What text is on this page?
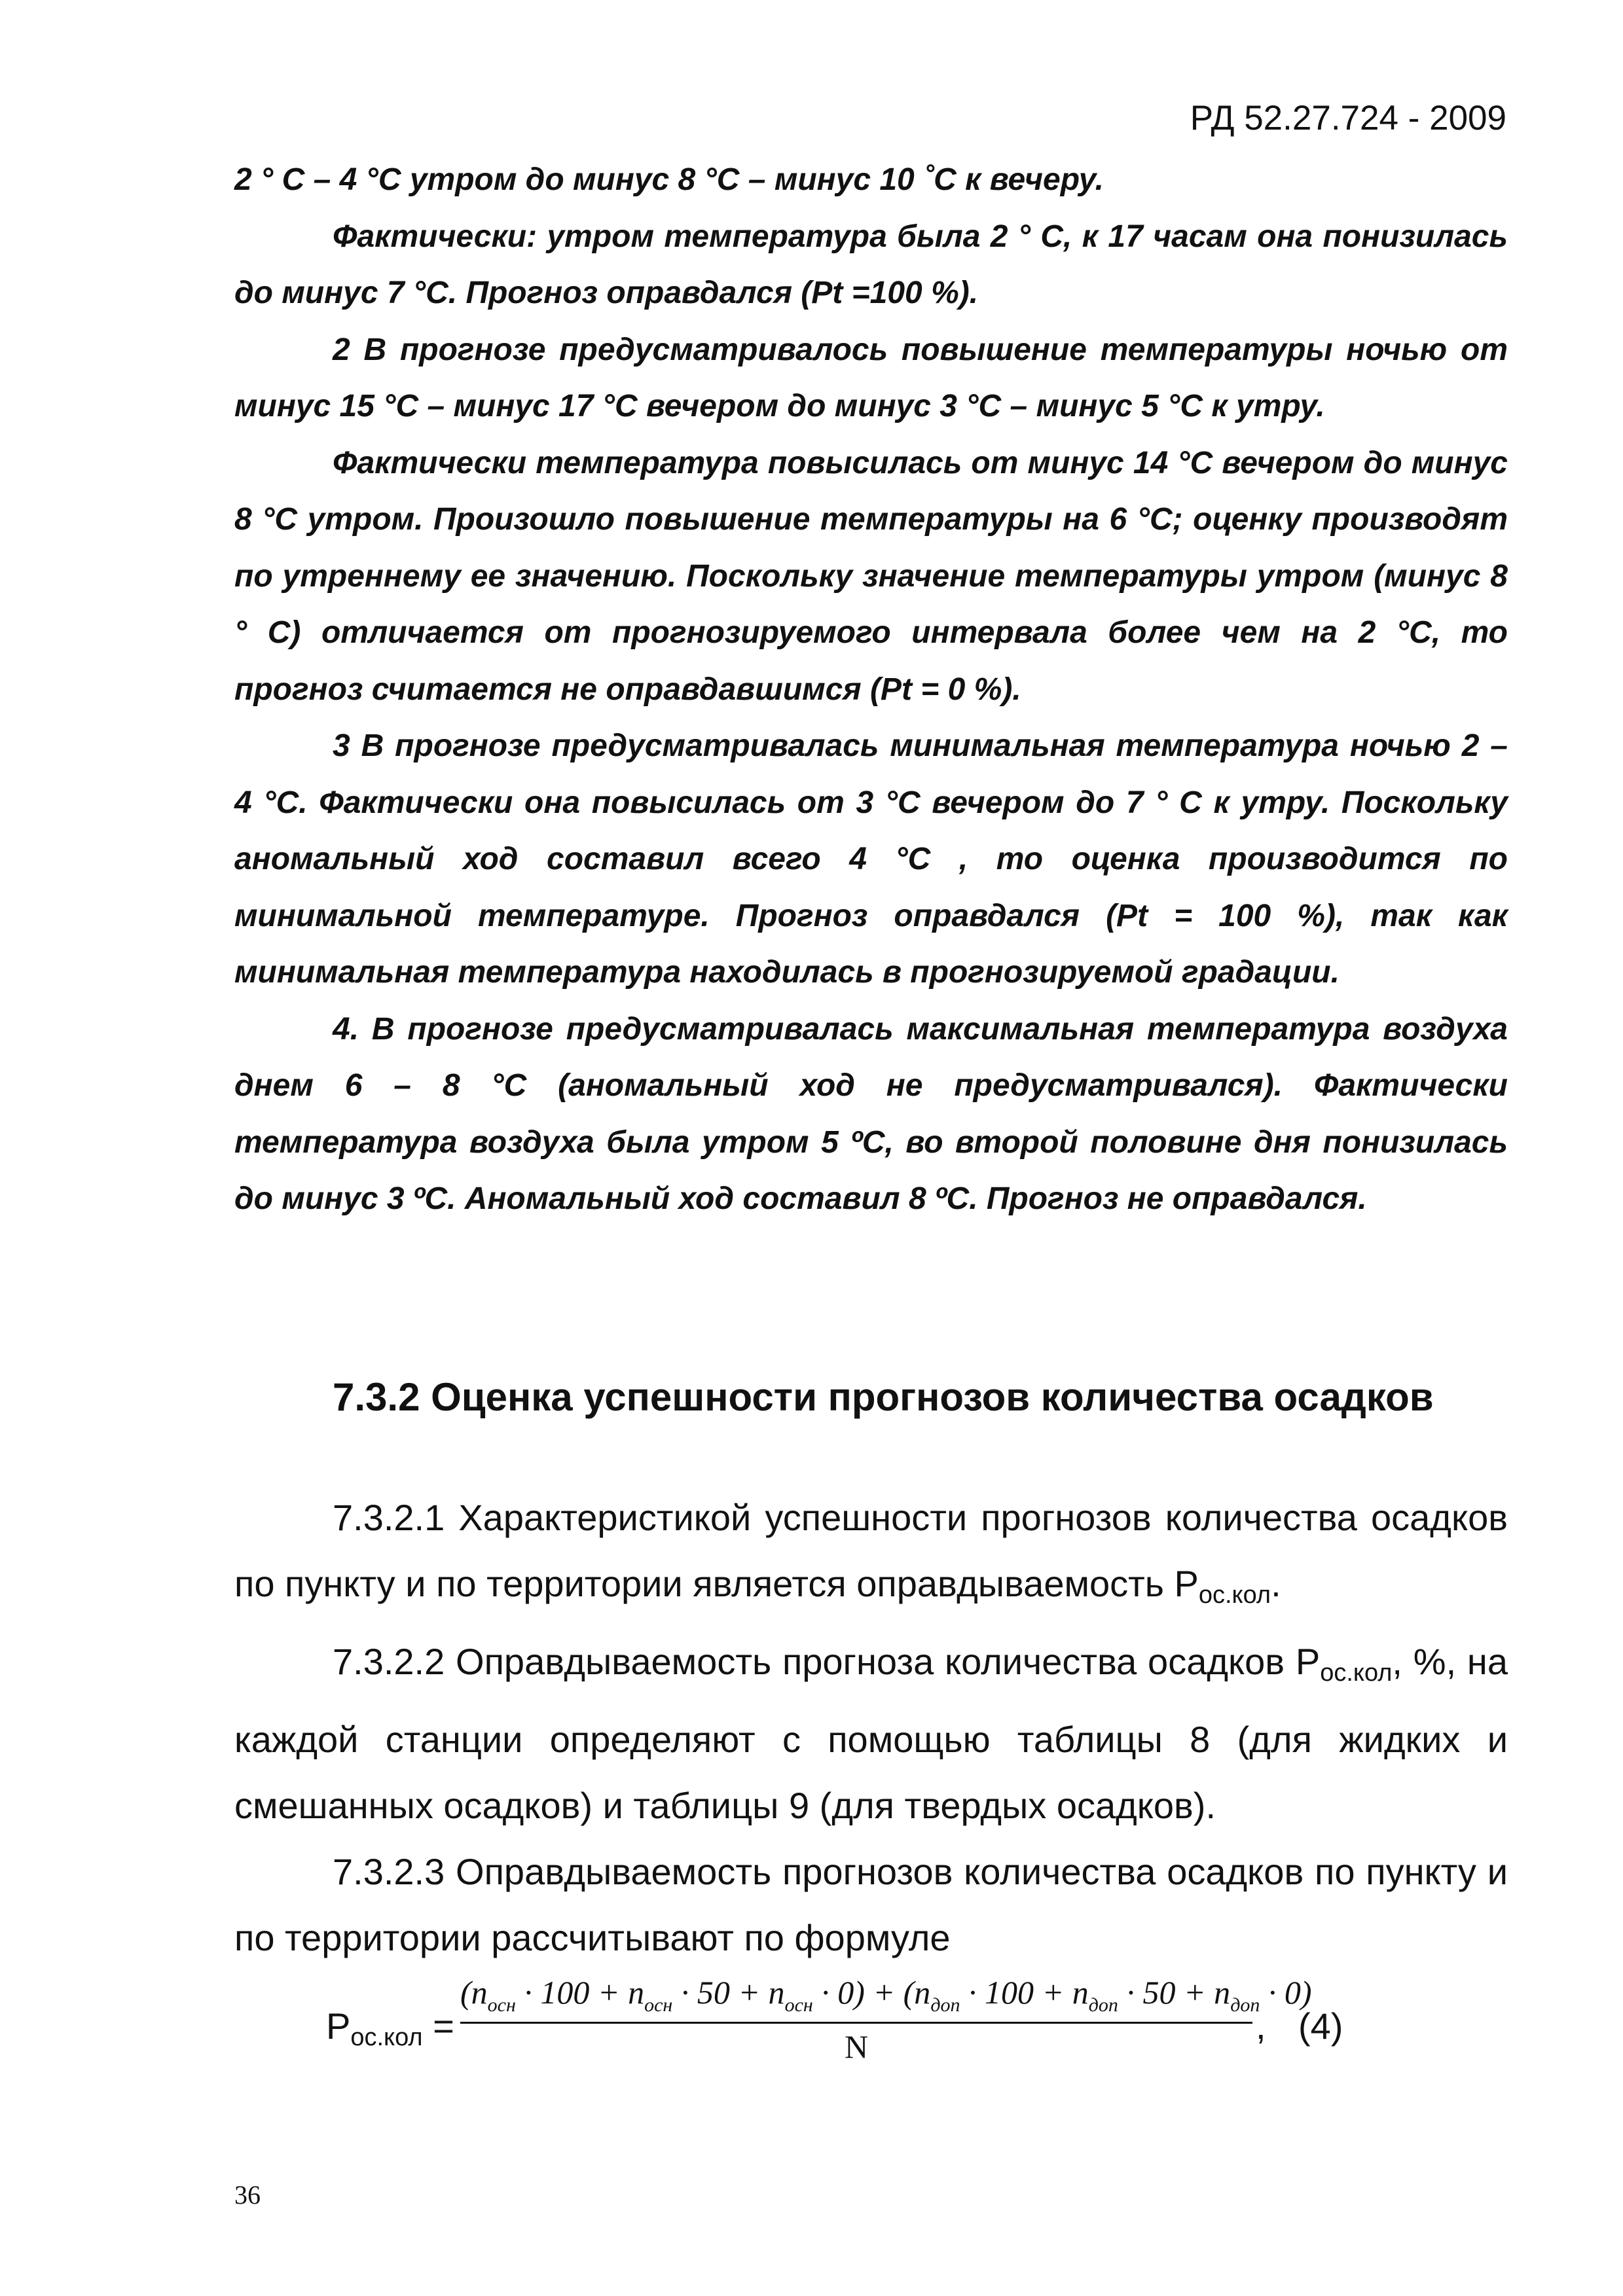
РД 52.27.724 - 2009

2 ° С – 4 °С утром до минус 8 °С – минус 10 ˚С к вечеру.

Фактически: утром температура была 2 ° С, к 17 часам она понизилась до минус 7 °С. Прогноз оправдался (Pt =100 %).

2 В прогнозе предусматривалось повышение температуры ночью от минус 15 °С – минус 17 °С вечером до минус 3 °С – минус 5 °С к утру.

Фактически температура повысилась от минус 14 °С вечером до минус 8 °С утром. Произошло повышение температуры на 6 °С; оценку производят по утреннему ее значению. Поскольку значение температуры утром (минус 8 ° С) отличается от прогнозируемого интервала более чем на 2 °С, то прогноз считается не оправдавшимся (Pt = 0 %).

3 В прогнозе предусматривалась минимальная температура ночью 2 – 4 °С. Фактически она повысилась от 3 °С вечером до 7 ° С к утру. Поскольку аномальный ход составил всего 4 °С , то оценка производится по минимальной температуре. Прогноз оправдался (Pt = 100 %), так как минимальная температура находилась в прогнозируемой градации.

4. В прогнозе предусматривалась максимальная температура воздуха днем 6 – 8 °С (аномальный ход не предусматривался). Фактически температура воздуха была утром 5 ºС, во второй половине дня понизилась до минус 3 ºС. Аномальный ход составил 8 ºС. Прогноз не оправдался.

7.3.2 Оценка успешности прогнозов количества осадков

7.3.2.1 Характеристикой успешности прогнозов количества осадков по пункту и по территории является оправдываемость $P_{ос.кол}$.

7.3.2.2 Оправдываемость прогноза количества осадков $P_{ос.кол}$, %, на каждой станции определяют с помощью таблицы 8 (для жидких и смешанных осадков) и таблицы 9 (для твердых осадков).

7.3.2.3 Оправдываемость прогнозов количества осадков по пункту и по территории рассчитывают по формуле

$P_{ос.кол}$ =
$(n_{осн} \cdot 100 + n_{осн} \cdot 50 + n_{осн} \cdot 0) + (n_{доп} \cdot 100 + n_{доп} \cdot 50 + n_{доп} \cdot 0)$
N	, (4)
36
